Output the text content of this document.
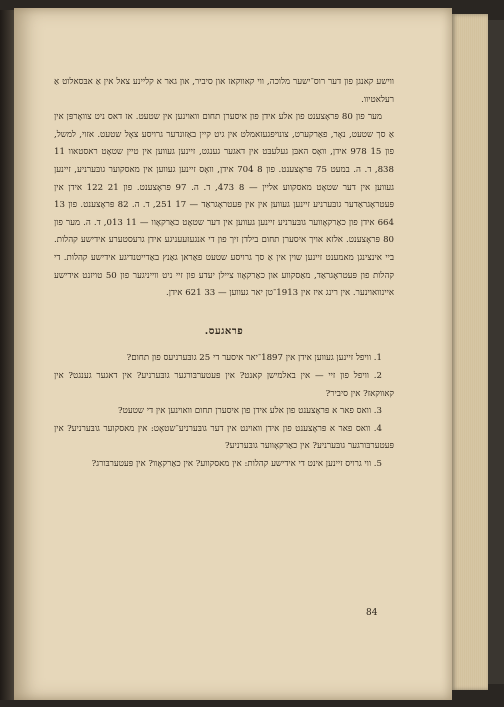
ווישע קאנגן פון דער רוס־ישער מלוכה, ווי קאווקאז און סיביר, און גאר א קליינע צאל אין אַ אבּסאלוט אַ רעלאטיוו.

מער פון 80 פּראָצענט פון אלע אידן פון איסערן תחום וואוינען אין שטעט. אז דאס ניט צוואָרפּן אין אַ סך שטעט, נאָר, פאַרקערט, צונויפגעזאמלט אין גיט קיין באַזונדער גרויסע צאָל שטעט. אזוי, למשל, פון 15 978 אידן, וואָס האבּן געלעבּט אין דאגער גענגט, זיינען געווען אין טיין שטאָט ראסטאוו 11 838, ד. ה. במעט 75 פּראָצענט. פון 8 704 אידן, וואָס זיינען געווען אין מאסקוער גובּערניע, זיינען געווען אין דער שטאָט מאסקווע אליין — 8 473, ד. ה. 97 פּראָצענט. פון 21 122 אידן אין פּעטראָגראַדער גובּערניע זיינען געווען אין אין פּעטראָגראַד — 17 251, ד. ה. 82 פּראָצענט. פון 13 664 אידן פון כאַרקאָווער גובּערניע זיינען געווען אין דער שטאָט כאַרקאָוו — 11 013, ד. ה. מער פון 80 פּראָצענט. אלזא אויך איסערן תחום בילדן זיך פון די אנגעזעעניגע אידן גרעסטערע אידישע קהלות. ביי אינצינגן מאמענט זיינען שוין אין אַ סך גרויסע שטעט פאַראן גאַנץ באַדייטנדיגע אידישע קהלות. די קהלות פון פּעטראָגראַד, מאַסקווע און כאַרקאָוו ציילן יעדע פון זיי ניט ווייניגער פון 50 טויזנט אידישע איינוואוינער. אין רינג איז אין 1913־טן יאר געווען — 33 621 אידן.

פראגעס.

1. וויפל זיינען געווען אידן אין 1897־יאר איסער די 25 גובּערניעס פון תחום?

2. וויפל פון זיי — אין באלמישן קאנט? אין פּעטערבּורגער גובּערניע? אין דאגער גענגט? אין קאווקאז? אין סיביר?

3. וואס פאר א פּראָצענט פון אלע אידן פון איסערן תחום וואוינען אין די שטעט?

4. וואס פאר א פּראָצענט פון אידן וואוינט אין דער גובּערניע־שטאָט: אין מאסקוער גובּערניע? אין פּעטערבּורגער גובּערניע? אין כאַרקאָווער גובּערניע?

5. ווי גרויס זיינען אינט די אידישע קהלות: אין מאסקווע? אין כאַרקאָוו? אין פּעטערבּורג?

84
